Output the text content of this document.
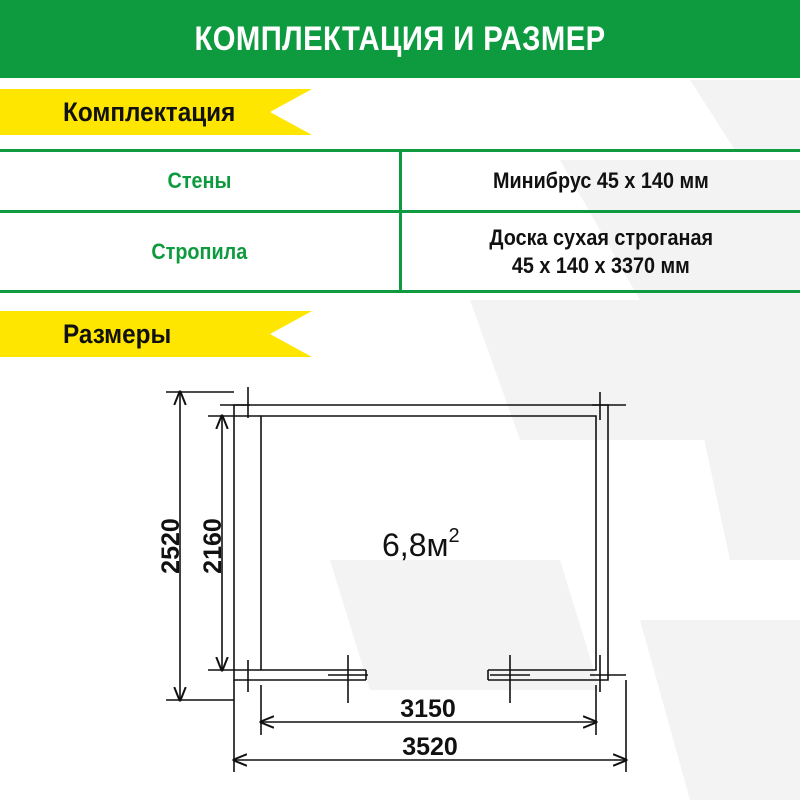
КОМПЛЕКТАЦИЯ И РАЗМЕР
Комплектация
Стены	Минибрус 45 х 140 мм
Стропила
Доска сухая строганая
45 х 140 х 3370 мм
Размеры
$6,8м^2$
2520 2160
3150
3520
